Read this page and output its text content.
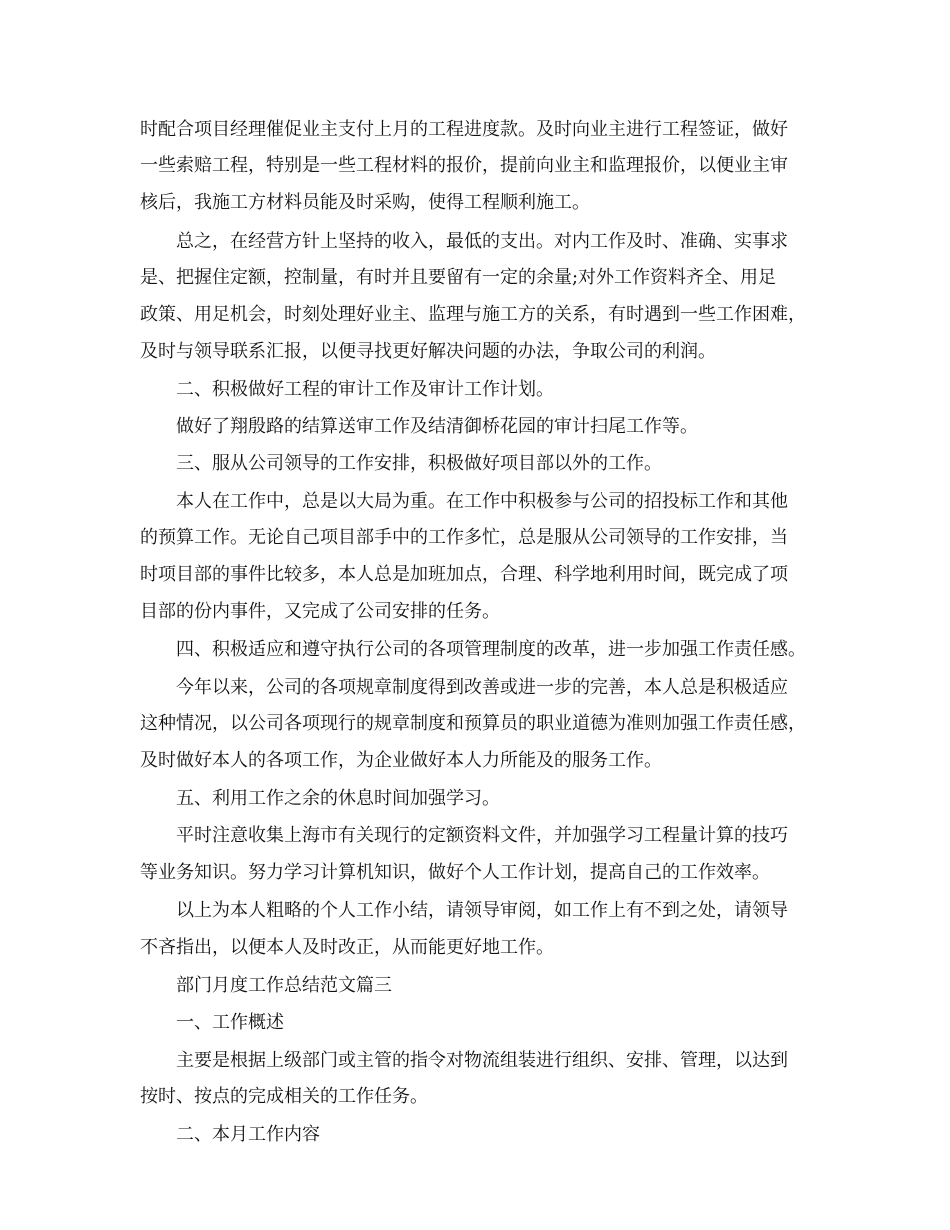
时配合项目经理催促业主支付上月的工程进度款。及时向业主进行工程签证，做好
一些索赔工程，特别是一些工程材料的报价，提前向业主和监理报价，以便业主审
核后，我施工方材料员能及时采购，使得工程顺利施工。
总之，在经营方针上坚持的收入，最低的支出。对内工作及时、准确、实事求
是、把握住定额，控制量，有时并且要留有一定的余量;对外工作资料齐全、用足
政策、用足机会，时刻处理好业主、监理与施工方的关系，有时遇到一些工作困难，
及时与领导联系汇报，以便寻找更好解决问题的办法，争取公司的利润。
二、积极做好工程的审计工作及审计工作计划。
做好了翔殷路的结算送审工作及结清御桥花园的审计扫尾工作等。
三、服从公司领导的工作安排，积极做好项目部以外的工作。
本人在工作中，总是以大局为重。在工作中积极参与公司的招投标工作和其他
的预算工作。无论自己项目部手中的工作多忙，总是服从公司领导的工作安排，当
时项目部的事件比较多，本人总是加班加点，合理、科学地利用时间，既完成了项
目部的份内事件，又完成了公司安排的任务。
四、积极适应和遵守执行公司的各项管理制度的改革，进一步加强工作责任感。
今年以来，公司的各项规章制度得到改善或进一步的完善，本人总是积极适应
这种情况，以公司各项现行的规章制度和预算员的职业道德为准则加强工作责任感，
及时做好本人的各项工作，为企业做好本人力所能及的服务工作。
五、利用工作之余的休息时间加强学习。
平时注意收集上海市有关现行的定额资料文件，并加强学习工程量计算的技巧
等业务知识。努力学习计算机知识，做好个人工作计划，提高自己的工作效率。
以上为本人粗略的个人工作小结，请领导审阅，如工作上有不到之处，请领导
不吝指出，以便本人及时改正，从而能更好地工作。
部门月度工作总结范文篇三
一、工作概述
主要是根据上级部门或主管的指令对物流组装进行组织、安排、管理，以达到
按时、按点的完成相关的工作任务。
二、本月工作内容
